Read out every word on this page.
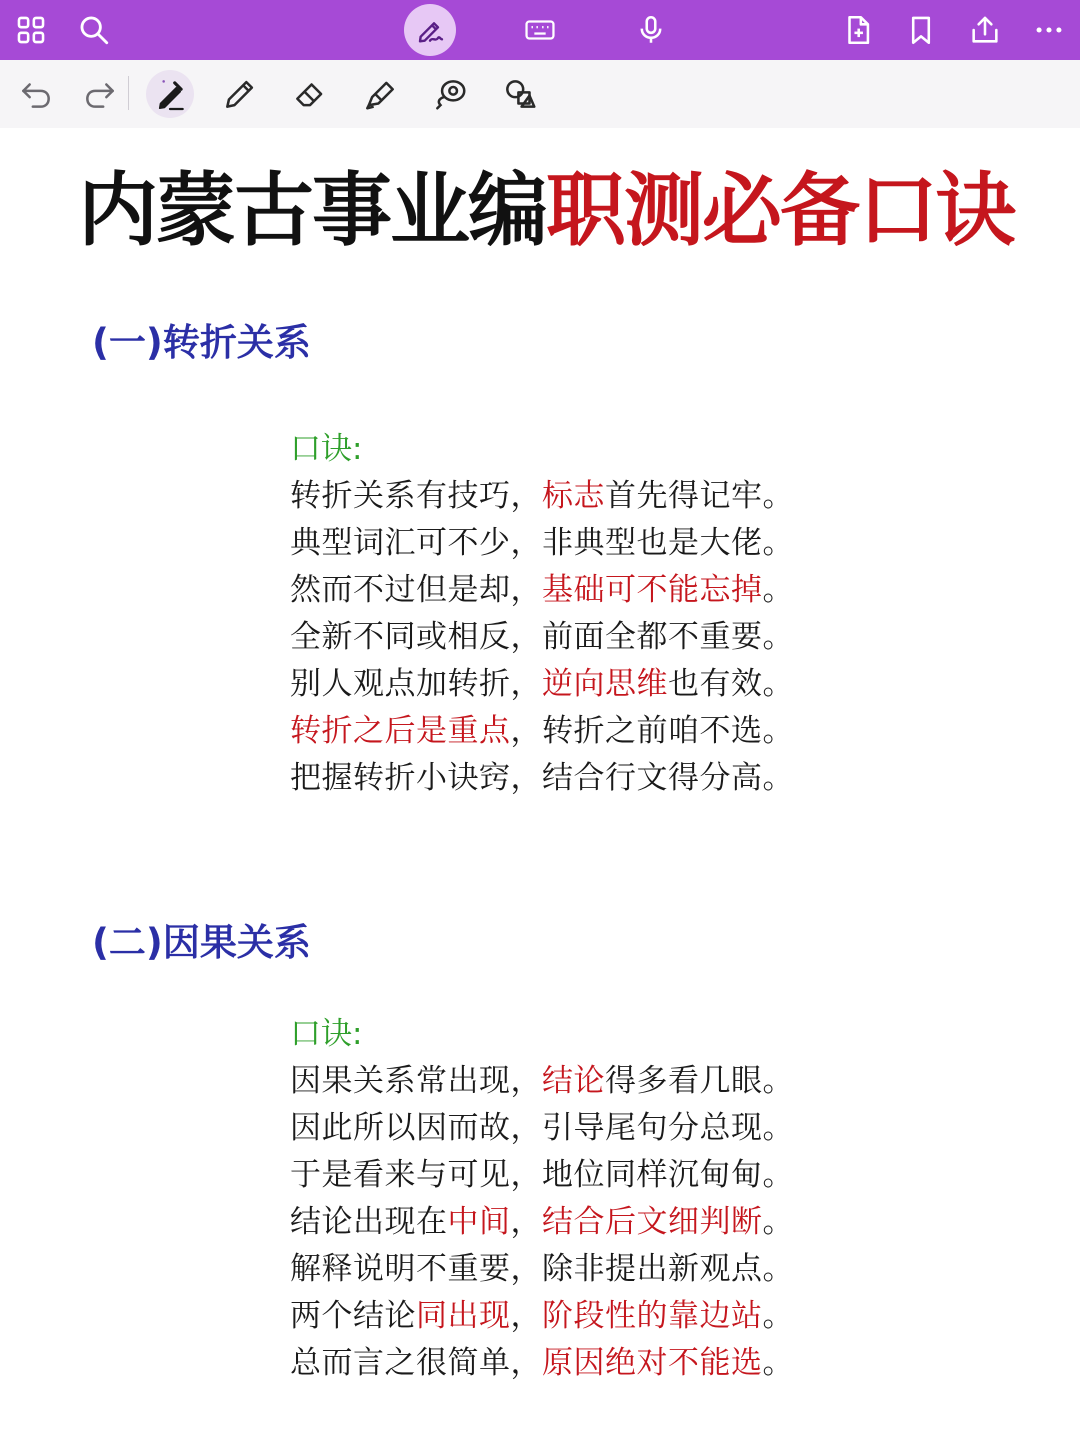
内蒙古事业编职测必备口诀
(一)转折关系
口诀:
转折关系有技巧，标志首先得记牢。
典型词汇可不少，非典型也是大佬。
然而不过但是却，基础可不能忘掉。
全新不同或相反，前面全都不重要。
别人观点加转折，逆向思维也有效。
转折之后是重点，转折之前咱不选。
把握转折小诀窍，结合行文得分高。
(二)因果关系
口诀:
因果关系常出现，结论得多看几眼。
因此所以因而故，引导尾句分总现。
于是看来与可见，地位同样沉甸甸。
结论出现在中间，结合后文细判断。
解释说明不重要，除非提出新观点。
两个结论同出现，阶段性的靠边站。
总而言之很简单，原因绝对不能选。
